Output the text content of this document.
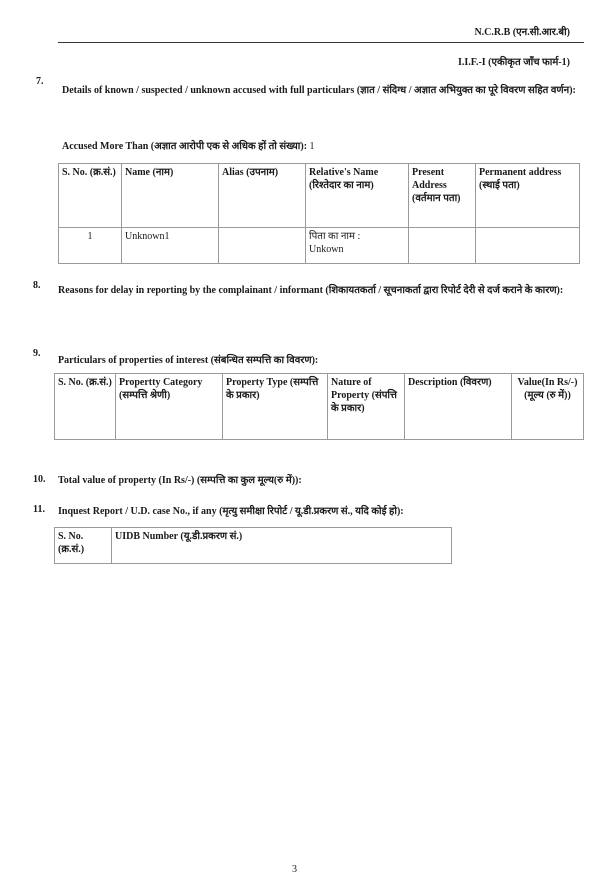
N.C.R.B (एन.सी.आर.बी)
I.I.F.-I (एकीकृत जाँच फार्म-1)
7.
Details of known / suspected / unknown accused with full particulars (ज्ञात / संदिग्ध / अज्ञात अभियुक्त का पूरे विवरण सहित वर्णन):
Accused More Than (अज्ञात आरोपी एक से अधिक हों तो संख्या): 1
S. No. (क्र.सं.)	Name (नाम)	Alias (उपनाम)	Relative's Name (रिश्तेदार का नाम)	Present Address (वर्तमान पता)	Permanent address (स्थाई पता)
1	Unknown1		पिता का नाम :
Unkown		

8. Reasons for delay in reporting by the complainant / informant (शिकायतकर्ता / सूचनाकर्ता द्वारा रिपोर्ट देरी से दर्ज कराने के कारण):
9.
Particulars of properties of interest (संबन्धित सम्पत्ति का विवरण):
S. No. (क्र.सं.)	Propertty Category (सम्पत्ति श्रेणी)	Property Type (सम्पत्ति के प्रकार)	Nature of Property (संपत्ति के प्रकार)	Description (विवरण)	Value(In Rs/-) (मूल्य (रु में))
10. Total value of property (In Rs/-) (सम्पत्ति का कुल मूल्य(रु में)):
11. Inquest Report / U.D. case No., if any (मृत्यु समीक्षा रिपोर्ट / यू.डी.प्रकरण सं., यदि कोई हो):
S. No. (क्र.सं.)	UIDB Number (यू.डी.प्रकरण सं.)
3
